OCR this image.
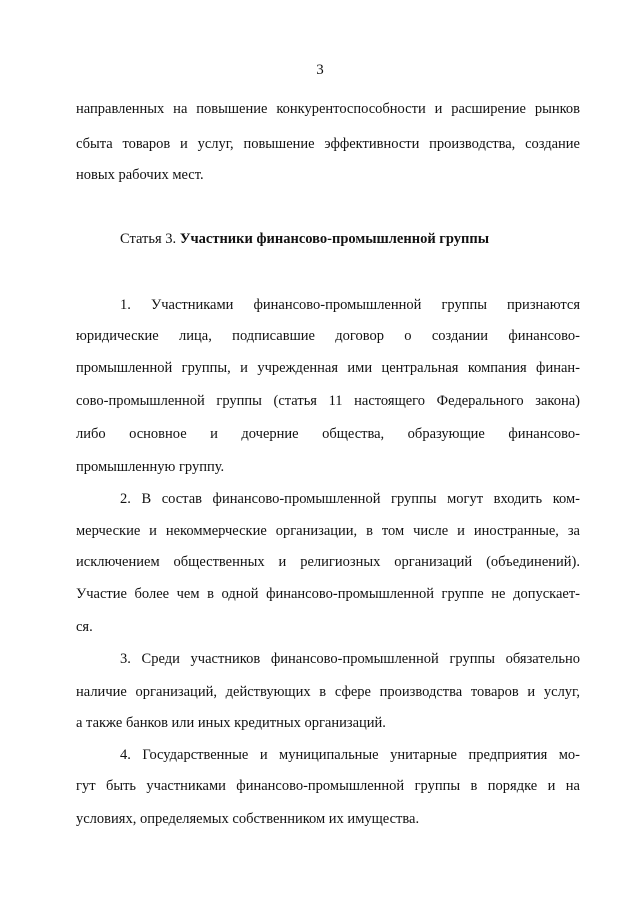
3
направленных на повышение конкурентоспособности и расширение рынков
сбыта товаров и услуг, повышение эффективности производства, создание
новых рабочих мест.
Статья 3. Участники финансово-промышленной группы
1. Участниками финансово-промышленной группы признаются
юридические лица, подписавшие договор о создании финансово-
промышленной группы, и учрежденная ими центральная компания финан-
сово-промышленной группы (статья 11 настоящего Федерального закона)
либо основное и дочерние общества, образующие финансово-
промышленную группу.
2. В состав финансово-промышленной группы могут входить ком-
мерческие и некоммерческие организации, в том числе и иностранные, за
исключением общественных и религиозных организаций (объединений).
Участие более чем в одной финансово-промышленной группе не допускает-
ся.
3. Среди участников финансово-промышленной группы обязательно
наличие организаций, действующих в сфере производства товаров и услуг,
а также банков или иных кредитных организаций.
4. Государственные и муниципальные унитарные предприятия мо-
гут быть участниками финансово-промышленной группы в порядке и на
условиях, определяемых собственником их имущества.
